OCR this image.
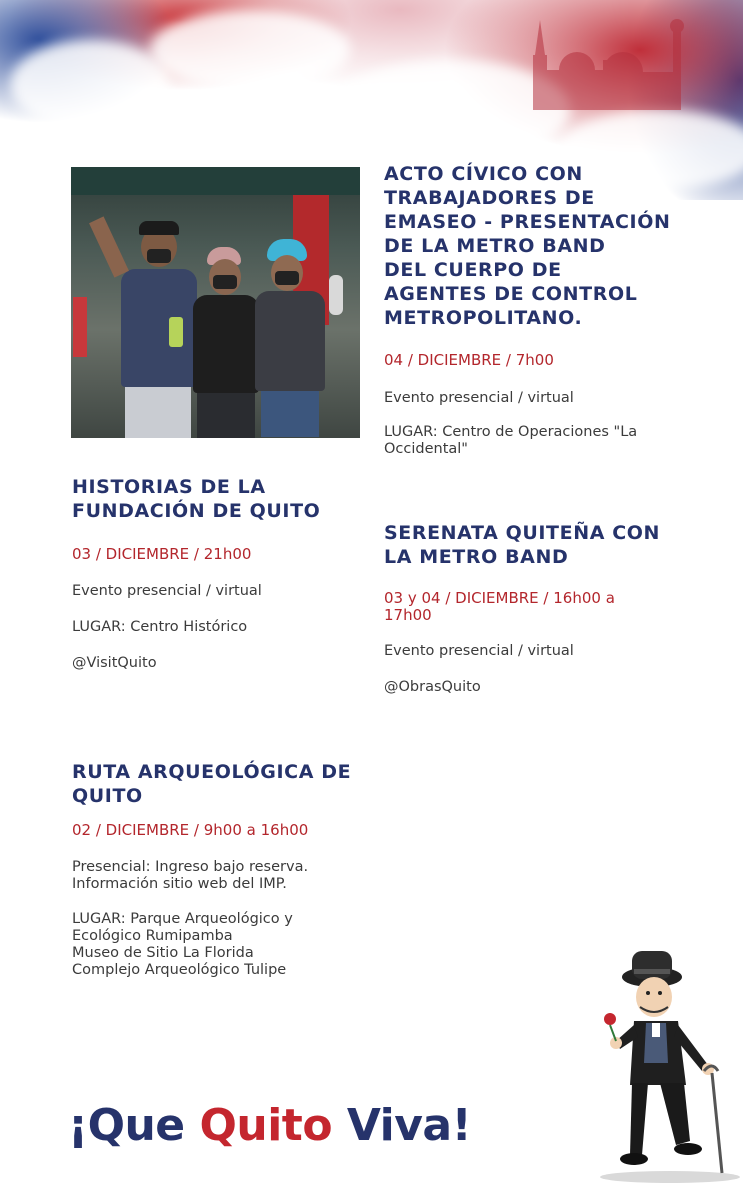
ACTO CÍVICO CON
TRABAJADORES DE
EMASEO - PRESENTACIÓN
DE LA METRO BAND
DEL CUERPO DE
AGENTES DE CONTROL
METROPOLITANO.

04 / DICIEMBRE / 7h00

Evento presencial / virtual

LUGAR: Centro de Operaciones "La
Occidental"

HISTORIAS DE LA
FUNDACIÓN DE QUITO

03 / DICIEMBRE / 21h00

Evento presencial / virtual

LUGAR: Centro Histórico

@VisitQuito

SERENATA QUITEÑA CON
LA METRO BAND

03 y 04 / DICIEMBRE / 16h00 a
17h00

Evento presencial / virtual

@ObrasQuito

RUTA ARQUEOLÓGICA DE
QUITO

02 / DICIEMBRE / 9h00 a 16h00

Presencial: Ingreso bajo reserva.
Información sitio web del IMP.

LUGAR: Parque Arqueológico y
Ecológico Rumipamba
Museo de Sitio La Florida
Complejo Arqueológico Tulipe

¡Que Quito Viva!
